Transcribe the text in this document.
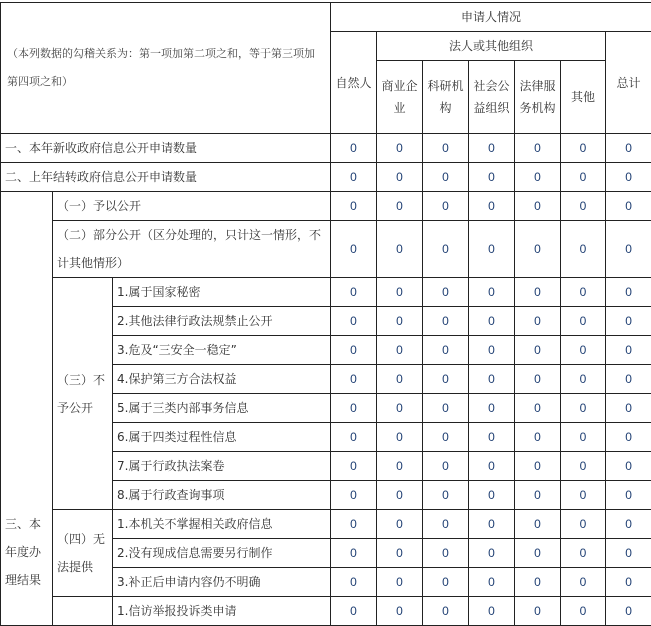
（本列数据的勾稽关系为：第一项加第二项之和，等于第三项加第四项之和）			申请人情况						
			自然人	法人或其他组织					总计
				商业企业	科研机构	社会公益组织	法律服务机构	其他	
一、本年新收政府信息公开申请数量			0	0	0	0	0	0	0
二、上年结转政府信息公开申请数量			0	0	0	0	0	0	0
三、本年度办理结果	（一）予以公开		0	0	0	0	0	0	0
	（二）部分公开（区分处理的，只计这一情形，不计其他情形）		0	0	0	0	0	0	0
	（三）不予公开	1.属于国家秘密	0	0	0	0	0	0	0
		2.其他法律行政法规禁止公开	0	0	0	0	0	0	0
		3.危及“三安全一稳定”	0	0	0	0	0	0	0
		4.保护第三方合法权益	0	0	0	0	0	0	0
		5.属于三类内部事务信息	0	0	0	0	0	0	0
		6.属于四类过程性信息	0	0	0	0	0	0	0
		7.属于行政执法案卷	0	0	0	0	0	0	0
		8.属于行政查询事项	0	0	0	0	0	0	0
	（四）无法提供	1.本机关不掌握相关政府信息	0	0	0	0	0	0	0
		2.没有现成信息需要另行制作	0	0	0	0	0	0	0
		3.补正后申请内容仍不明确	0	0	0	0	0	0	0
		1.信访举报投诉类申请	0	0	0	0	0	0	0
